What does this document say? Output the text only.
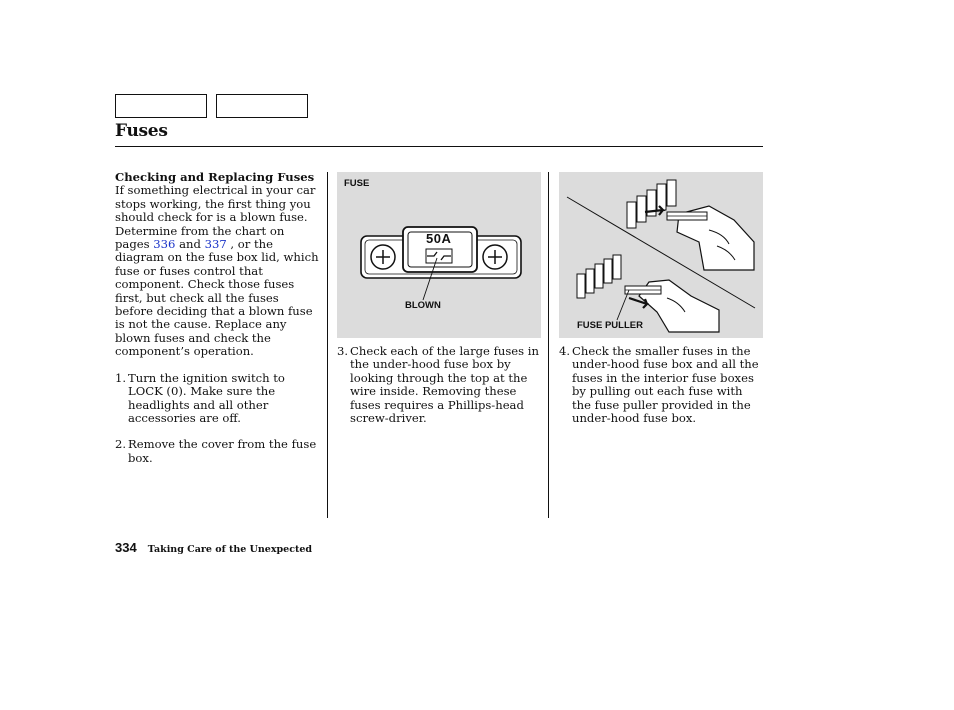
Fuses

Checking and Replacing Fuses

If something electrical in your car stops working, the first thing you should check for is a blown fuse. Determine from the chart on pages 336 and 337 , or the diagram on the fuse box lid, which fuse or fuses control that component. Check those fuses first, but check all the fuses before deciding that a blown fuse is not the cause. Replace any blown fuses and check the component’s operation.

1. Turn the ignition switch to LOCK (0). Make sure the headlights and all other accessories are off.
2. Remove the cover from the fuse box.
FUSE
50A
BLOWN
FUSE PULLER
3. Check each of the large fuses in the under-hood fuse box by looking through the top at the wire inside. Removing these fuses requires a Phillips-head screw-driver.
4. Check the smaller fuses in the under-hood fuse box and all the fuses in the interior fuse boxes by pulling out each fuse with the fuse puller provided in the under-hood fuse box.
334 Taking Care of the Unexpected
